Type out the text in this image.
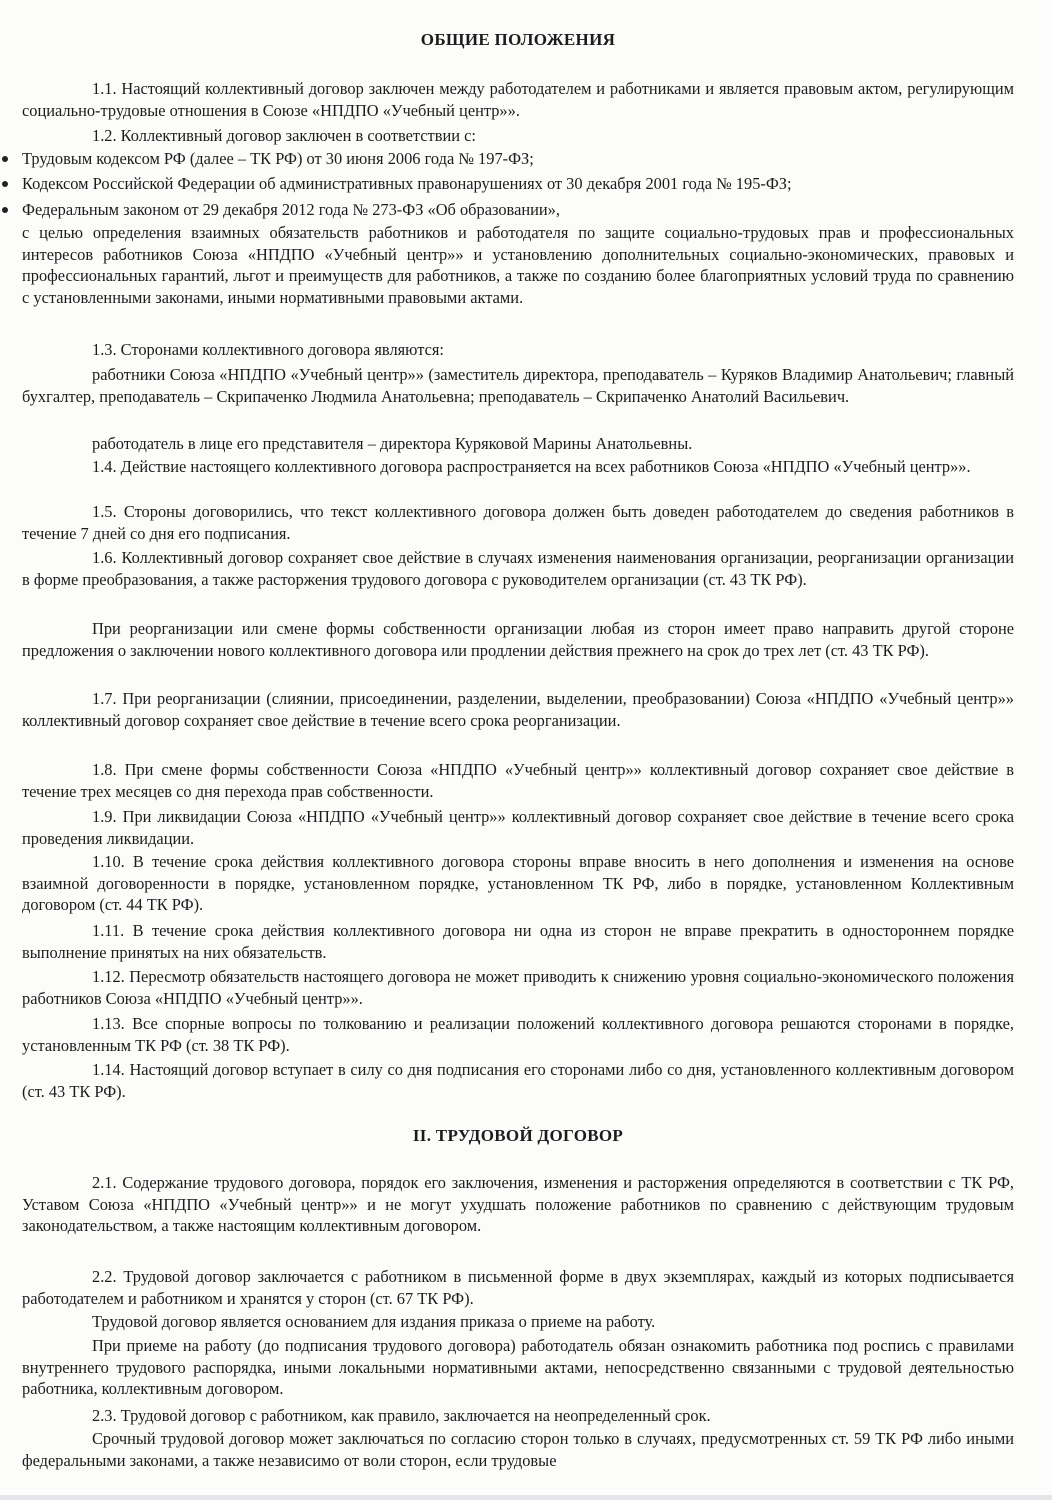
ОБЩИЕ ПОЛОЖЕНИЯ

1.1. Настоящий коллективный договор заключен между работодателем и работниками и является правовым актом, регулирующим социально-трудовые отношения в Союзе «НПДПО «Учебный центр»».

1.2. Коллективный договор заключен в соответствии с:

Трудовым кодексом РФ (далее – ТК РФ) от 30 июня 2006 года № 197-ФЗ;
Кодексом Российской Федерации об административных правонарушениях от 30 декабря 2001 года № 195-ФЗ;
Федеральным законом от 29 декабря 2012 года № 273-ФЗ «Об образовании»,

с целью определения взаимных обязательств работников и работодателя по защите социально-трудовых прав и профессиональных интересов работников Союза «НПДПО «Учебный центр»» и установлению дополнительных социально-экономических, правовых и профессиональных гарантий, льгот и преимуществ для работников, а также по созданию более благоприятных условий труда по сравнению с установленными законами, иными нормативными правовыми актами.

1.3. Сторонами коллективного договора являются:

работники Союза «НПДПО «Учебный центр»» (заместитель директора, преподаватель – Куряков Владимир Анатольевич; главный бухгалтер, преподаватель – Скрипаченко Людмила Анатольевна; преподаватель – Скрипаченко Анатолий Васильевич.

работодатель в лице его представителя – директора Куряковой Марины Анатольевны.

1.4. Действие настоящего коллективного договора распространяется на всех работников Союза «НПДПО «Учебный центр»».

1.5. Стороны договорились, что текст коллективного договора должен быть доведен работодателем до сведения работников в течение 7 дней со дня его подписания.

1.6. Коллективный договор сохраняет свое действие в случаях изменения наименования организации, реорганизации организации в форме преобразования, а также расторжения трудового договора с руководителем организации (ст. 43 ТК РФ).

При реорганизации или смене формы собственности организации любая из сторон имеет право направить другой стороне предложения о заключении нового коллективного договора или продлении действия прежнего на срок до трех лет (ст. 43 ТК РФ).

1.7. При реорганизации (слиянии, присоединении, разделении, выделении, преобразовании) Союза «НПДПО «Учебный центр»» коллективный договор сохраняет свое действие в течение всего срока реорганизации.

1.8. При смене формы собственности Союза «НПДПО «Учебный центр»» коллективный договор сохраняет свое действие в течение трех месяцев со дня перехода прав собственности.

1.9. При ликвидации Союза «НПДПО «Учебный центр»» коллективный договор сохраняет свое действие в течение всего срока проведения ликвидации.

1.10. В течение срока действия коллективного договора стороны вправе вносить в него дополнения и изменения на основе взаимной договоренности в порядке, установленном порядке, установленном ТК РФ, либо в порядке, установленном Коллективным договором (ст. 44 ТК РФ).

1.11. В течение срока действия коллективного договора ни одна из сторон не вправе прекратить в одностороннем порядке выполнение принятых на них обязательств.

1.12. Пересмотр обязательств настоящего договора не может приводить к снижению уровня социально-экономического положения работников Союза «НПДПО «Учебный центр»».

1.13. Все спорные вопросы по толкованию и реализации положений коллективного договора решаются сторонами в порядке, установленным ТК РФ (ст. 38 ТК РФ).

1.14. Настоящий договор вступает в силу со дня подписания его сторонами либо со дня, установленного коллективным договором (ст. 43 ТК РФ).

II. ТРУДОВОЙ ДОГОВОР

2.1. Содержание трудового договора, порядок его заключения, изменения и расторжения определяются в соответствии с ТК РФ, Уставом Союза «НПДПО «Учебный центр»» и не могут ухудшать положение работников по сравнению с действующим трудовым законодательством, а также настоящим коллективным договором.

2.2. Трудовой договор заключается с работником в письменной форме в двух экземплярах, каждый из которых подписывается работодателем и работником и хранятся у сторон (ст. 67 ТК РФ).

Трудовой договор является основанием для издания приказа о приеме на работу.

При приеме на работу (до подписания трудового договора) работодатель обязан ознакомить работника под роспись с правилами внутреннего трудового распорядка, иными локальными нормативными актами, непосредственно связанными с трудовой деятельностью работника, коллективным договором.

2.3. Трудовой договор с работником, как правило, заключается на неопределенный срок.

Срочный трудовой договор может заключаться по согласию сторон только в случаях, предусмотренных ст. 59 ТК РФ либо иными федеральными законами, а также независимо от воли сторон, если трудовые
